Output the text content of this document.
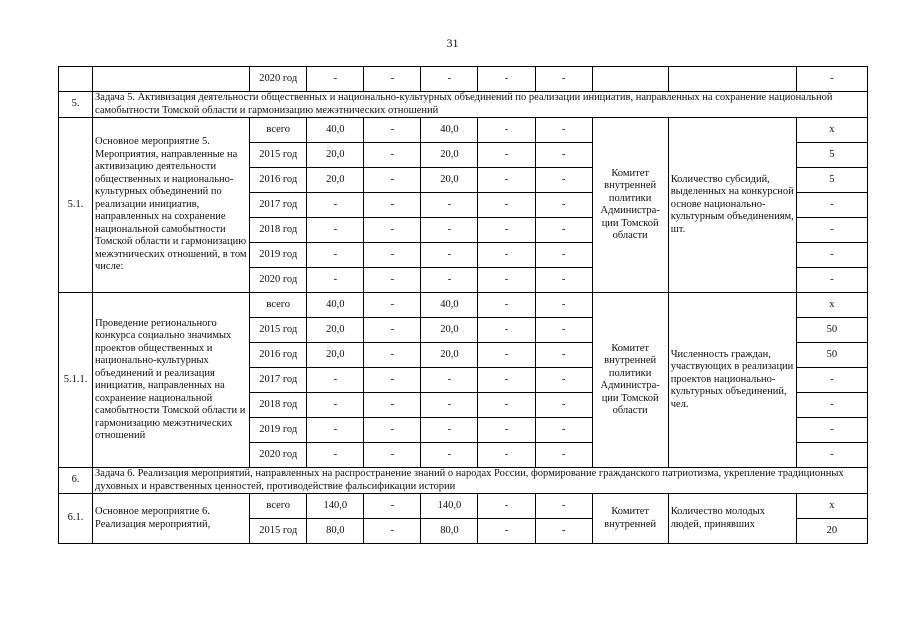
31
		2020 год	-	-	-	-	-			-
5.	Задача 5. Активизация деятельности общественных и национально-культурных объединений по реализации инициатив, направленных на сохранение национальной самобытности Томской области и гармонизацию межэтнических отношений									
5.1.	Основное мероприятие 5. Мероприятия, направленные на активизацию деятельности общественных и национально-культурных объединений по реализации инициатив, направленных на сохранение национальной самобытности Томской области и гармонизацию межэтнических отношений, в том числе:	всего	40,0	-	40,0	-	-	Комитет внутренней политики Администра-ции Томской области	Количество субсидий, выделенных на конкурсной основе национально-культурным объединениям, шт.	x
		2015 год	20,0	-	20,0	-	-			5
		2016 год	20,0	-	20,0	-	-			5
		2017 год	-	-	-	-	-			-
		2018 год	-	-	-	-	-			-
		2019 год	-	-	-	-	-			-
		2020 год	-	-	-	-	-			-
5.1.1.	Проведение регионального конкурса социально значимых проектов общественных и национально-культурных объединений и реализация инициатив, направленных на сохранение национальной самобытности Томской области и гармонизацию межэтнических отношений	всего	40,0	-	40,0	-	-	Комитет внутренней политики Администра-ции Томской области	Численность граждан, участвующих в реализации проектов национально-культурных объединений, чел.	x
		2015 год	20,0	-	20,0	-	-			50
		2016 год	20,0	-	20,0	-	-			50
		2017 год	-	-	-	-	-			-
		2018 год	-	-	-	-	-			-
		2019 год	-	-	-	-	-			-
		2020 год	-	-	-	-	-			-
6.	Задача 6. Реализация мероприятий, направленных на распространение знаний о народах России, формирование гражданского патриотизма, укрепление традиционных духовных и нравственных ценностей, противодействие фальсификации истории									
6.1.	Основное мероприятие 6. Реализация мероприятий,	всего	140,0	-	140,0	-	-	Комитет внутренней	Количество молодых людей, принявших	x
		2015 год	80,0	-	80,0	-	-			20
